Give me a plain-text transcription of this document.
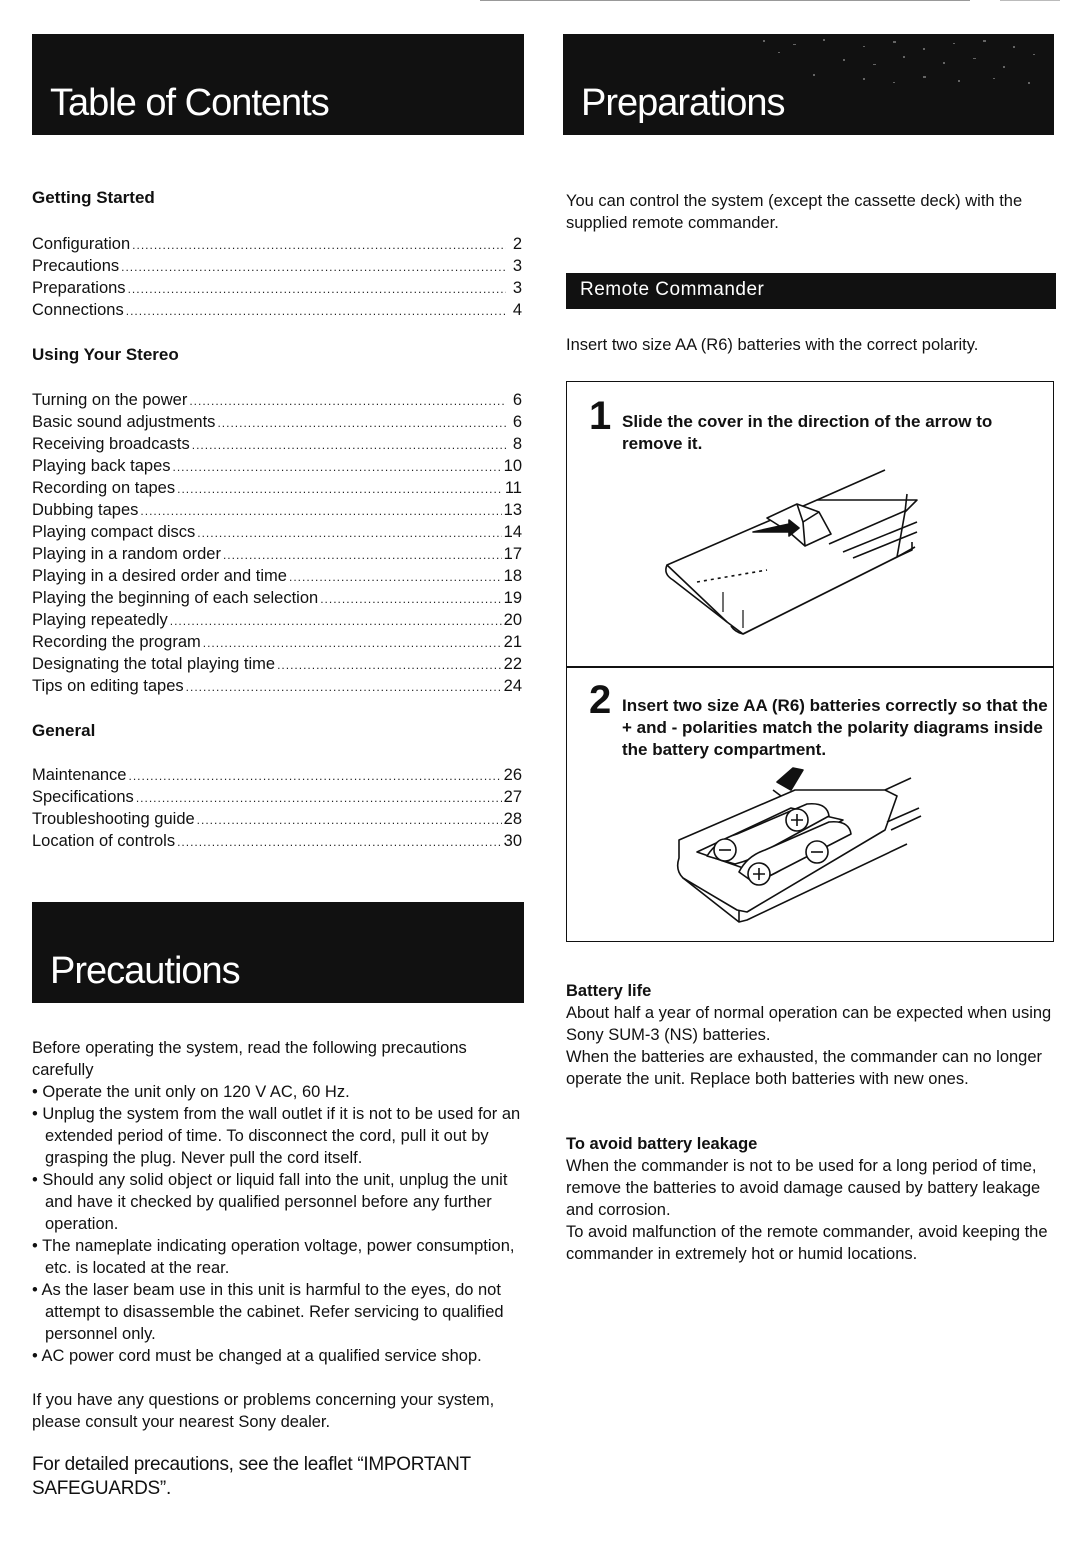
Table of Contents	Preparations

Getting Started

Configuration .....	2
Precautions .....	3
Preparations .....	3
Connections .....	4

Using Your Stereo

Turning on the power .....	6
Basic sound adjustments .....	6
Receiving broadcasts .....	8
Playing back tapes .....	10
Recording on tapes .....	11
Dubbing tapes .....	13
Playing compact discs .....	14
Playing in a random order .....	17
Playing in a desired order and time .....	18
Playing the beginning of each selection .....	19
Playing repeatedly .....	20
Recording the program .....	21
Designating the total playing time .....	22
Tips on editing tapes .....	24

General

Maintenance .....	26
Specifications .....	27
Troubleshooting guide .....	28
Location of controls .....	30
Precautions

Before operating the system, read the following precautions carefully

• Operate the unit only on 120 V AC, 60 Hz.

• Unplug the system from the wall outlet if it is not to be used for an extended period of time. To disconnect the cord, pull it out by grasping the plug. Never pull the cord itself.

• Should any solid object or liquid fall into the unit, unplug the unit and have it checked by qualified personnel before any further operation.

• The nameplate indicating operation voltage, power consumption, etc. is located at the rear.

• As the laser beam use in this unit is harmful to the eyes, do not attempt to disassemble the cabinet. Refer servicing to qualified personnel only.

• AC power cord must be changed at a qualified service shop.

If you have any questions or problems concerning your system, please consult your nearest Sony dealer.

For detailed precautions, see the leaflet “IMPORTANT SAFEGUARDS”.

You can control the system (except the cassette deck) with the supplied remote commander.

Remote Commander

Insert two size AA (R6) batteries with the correct polarity.

1 Slide the cover in the direction of the arrow to remove it.
2 Insert two size AA (R6) batteries correctly so that the + and - polarities match the polarity diagrams inside the battery compartment.

Battery life

About half a year of normal operation can be expected when using Sony SUM-3 (NS) batteries.

When the batteries are exhausted, the commander can no longer operate the unit. Replace both batteries with new ones.

To avoid battery leakage

When the commander is not to be used for a long period of time, remove the batteries to avoid damage caused by battery leakage and corrosion.

To avoid malfunction of the remote commander, avoid keeping the commander in extremely hot or humid locations.
